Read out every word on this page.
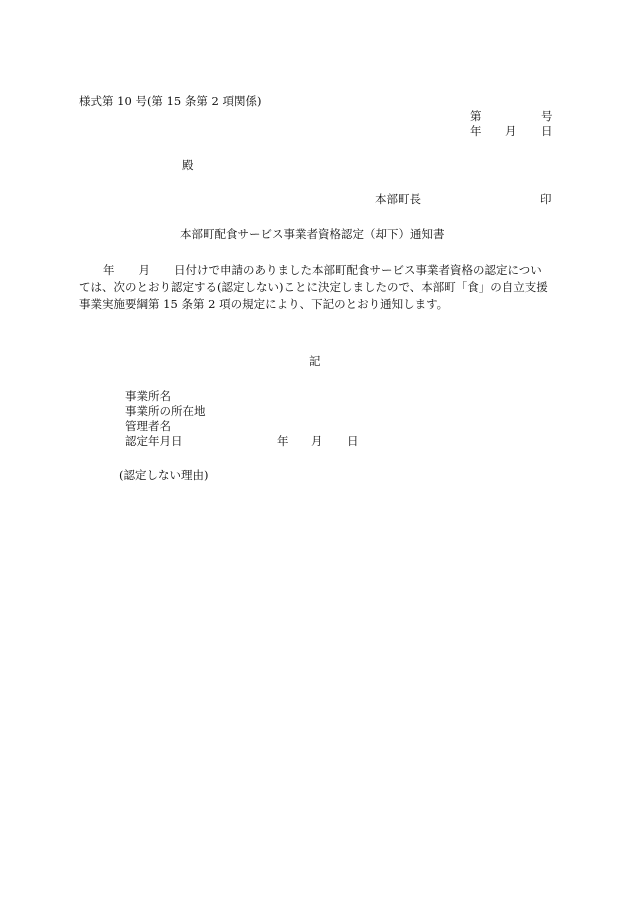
様式第 10 号(第 15 条第 2 項関係)
第	号
年 月 日
殿
本部町長	印
本部町配食サービス事業者資格認定（却下）通知書
年 月 日付けで申請のありました本部町配食サービス事業者資格の認定につい
ては、次のとおり認定する(認定しない)ことに決定しましたので、本部町「食」の自立支援
事業実施要綱第 15 条第 2 項の規定により、下記のとおり通知します。
記
事業所名
事業所の所在地
管理者名
認定年月日	年	月	日
(認定しない理由)
